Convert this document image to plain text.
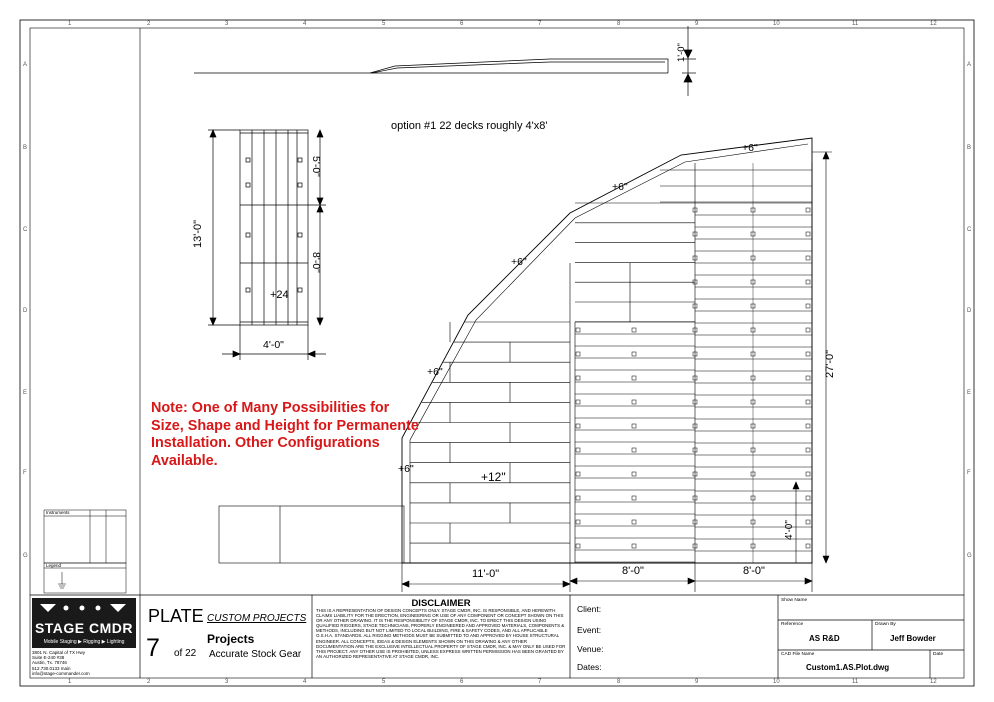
1	2	3	4	5	6	7	8	9	10	11	12
1	2	3	4	5	6	7	8	9	10	11	12
A
B
C
D
E
F
G
A
B
C
D
E
F
G
1'-0"
option #1 22 decks roughly 4'x8'
13'-0"
5'-0"
8'-0"
4'-0"
+24
+6"
+6"
+6"
+6"
+6"
+12"
11'-0"	8'-0"	8'-0"
27'-0"
4'-0"
Note: One of Many Possibilities for Size, Shape and Height for Permanente Installation. Other Configurations Available.
Instruments
Legend
STAGE CMDR
Mobile Staging ▶ Rigging ▶ Lighting
3801 N. Capital of TX Hwy
Suite E-240 #38
Austin, Tx. 78746
512.730.0133 main
info@stage-commander.com
PLATE
7 of 22
CUSTOM PROJECTS
Projects
Accurate Stock Gear
DISCLAIMER
THIS IS A REPRESENTATION OF DESIGN CONCEPTS ONLY. STAGE CMDR, INC. IS RESPONSIBLE, AND HEREWITH CLAIMS LIABILITY FOR THE ERECTION, ENGINEERING OR USE OF ANY COMPONENT OR CONCEPT SHOWN ON THIS OR ANY OTHER DRAWING. IT IS THE RESPONSIBILITY OF STAGE CMDR, INC. TO ERECT THIS DESIGN USING QUALIFIED RIGGERS, STAGE TECHNICIANS, PROPERLY ENGINEERED AND APPROVED MATERIALS, COMPONENTS & METHODS, INCLUDING BUT NOT LIMITED TO LOCAL BUILDING, FIRE & SAFETY CODES, AND ALL APPLICABLE O.S.H.A. STANDARDS. ALL RIGGING METHODS MUST BE SUBMITTED TO AND APPROVED BY HOUSE STRUCTURAL ENGINEER. ALL CONCEPTS, IDEAS & DESIGN ELEMENTS SHOWN ON THIS DRAWING & ANY OTHER DOCUMENTATION ARE THE EXCLUSIVE INTELLECTUAL PROPERTY OF STAGE CMDR, INC. & MAY ONLY BE USED FOR THIS PROJECT. ANY OTHER USE IS PROHIBITED, UNLESS EXPRESS WRITTEN PERMISSION HAS BEEN GRANTED BY AN AUTHORIZED REPRESENTATIVE AT STAGE CMDR, INC.
Client:
Event:
Venue:
Dates:
Show Name
Reference
AS R&D
Drawn By
Jeff Bowder
CAD File Name
Custom1.AS.Plot.dwg
Date
